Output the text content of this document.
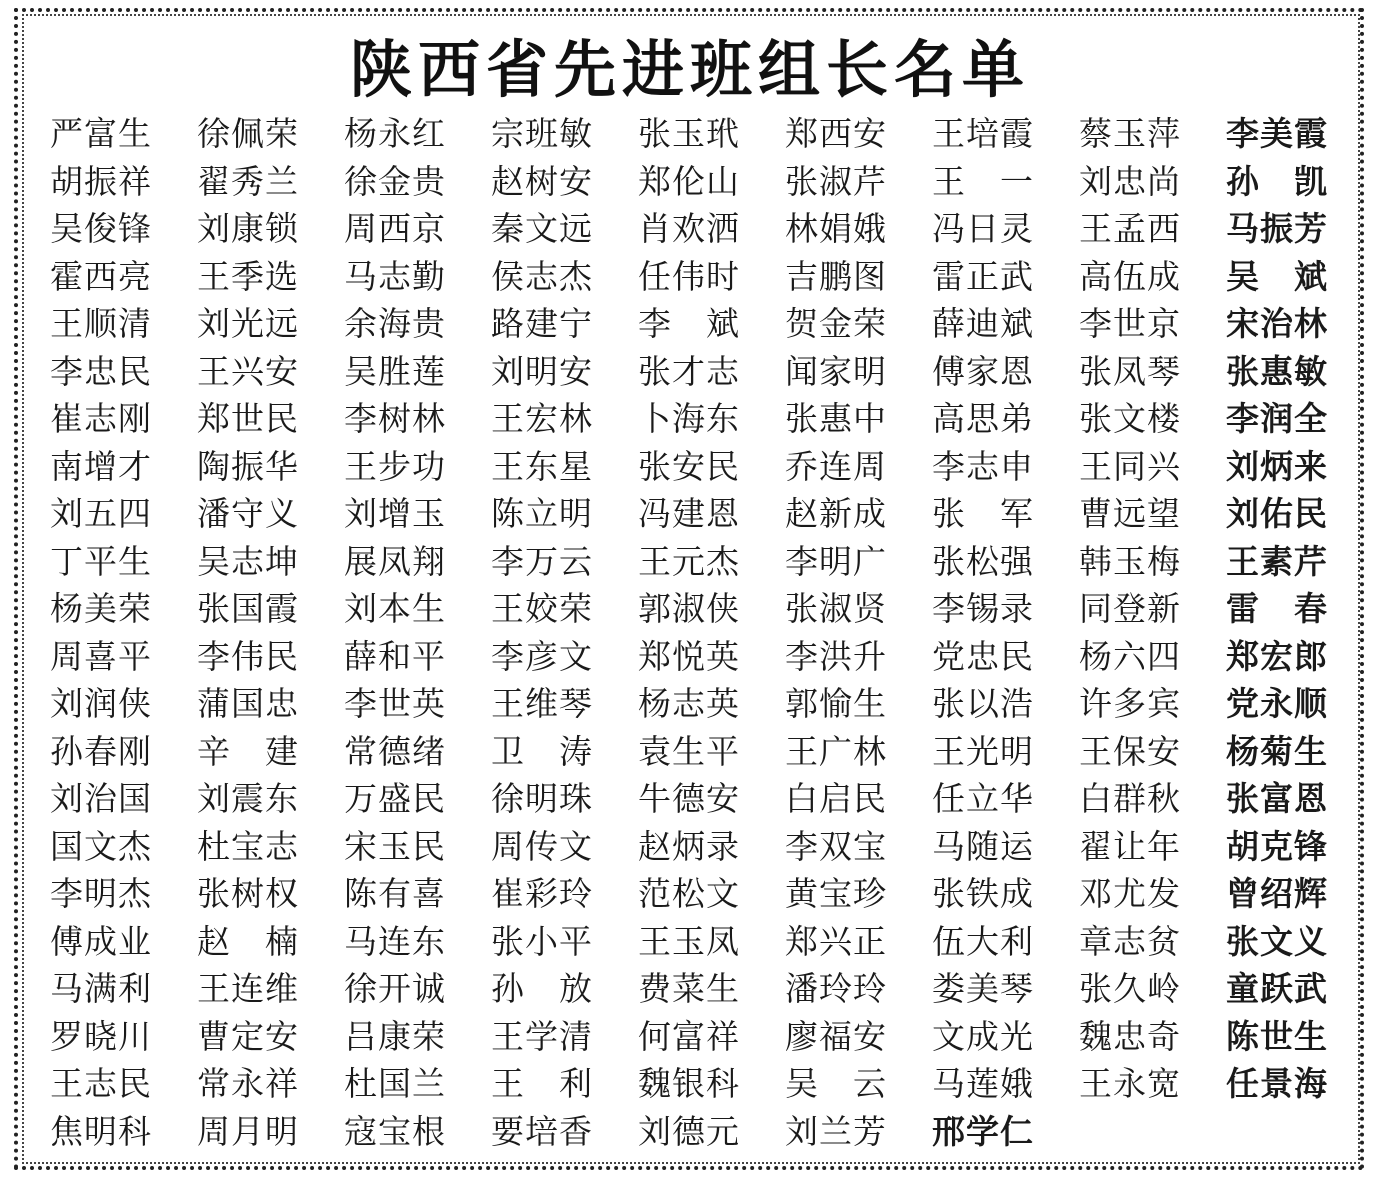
陕西省先进班组长名单
严富生	徐佩荣	杨永红	宗班敏	张玉玳	郑西安	王培霞	蔡玉萍	李美霞
胡振祥	翟秀兰	徐金贵	赵树安	郑伦山	张淑芹	王　一	刘忠尚	孙　凯
吴俊锋	刘康锁	周西京	秦文远	肖欢洒	林娟娥	冯日灵	王孟西	马振芳
霍西亮	王季选	马志勤	侯志杰	任伟时	吉鹏图	雷正武	高伍成	吴　斌
王顺清	刘光远	余海贵	路建宁	李　斌	贺金荣	薛迪斌	李世京	宋治林
李忠民	王兴安	吴胜莲	刘明安	张才志	闻家明	傅家恩	张凤琴	张惠敏
崔志刚	郑世民	李树林	王宏林	卜海东	张惠中	高思弟	张文楼	李润全
南增才	陶振华	王步功	王东星	张安民	乔连周	李志申	王同兴	刘炳来
刘五四	潘守义	刘增玉	陈立明	冯建恩	赵新成	张　军	曹远望	刘佑民
丁平生	吴志坤	展凤翔	李万云	王元杰	李明广	张松强	韩玉梅	王素芹
杨美荣	张国霞	刘本生	王姣荣	郭淑侠	张淑贤	李锡录	同登新	雷　春
周喜平	李伟民	薛和平	李彦文	郑悦英	李洪升	党忠民	杨六四	郑宏郎
刘润侠	蒲国忠	李世英	王维琴	杨志英	郭愉生	张以浩	许多宾	党永顺
孙春刚	辛　建	常德绪	卫　涛	袁生平	王广林	王光明	王保安	杨菊生
刘治国	刘震东	万盛民	徐明珠	牛德安	白启民	任立华	白群秋	张富恩
国文杰	杜宝志	宋玉民	周传文	赵炳录	李双宝	马随运	翟让年	胡克锋
李明杰	张树权	陈有喜	崔彩玲	范松文	黄宝珍	张铁成	邓尤发	曾绍辉
傅成业	赵　楠	马连东	张小平	王玉凤	郑兴正	伍大利	章志贫	张文义
马满利	王连维	徐开诚	孙　放	费菜生	潘玲玲	娄美琴	张久岭	童跃武
罗晓川	曹定安	吕康荣	王学清	何富祥	廖福安	文成光	魏忠奇	陈世生
王志民	常永祥	杜国兰	王　利	魏银科	吴　云	马莲娥	王永宽	任景海
焦明科	周月明	寇宝根	要培香	刘德元	刘兰芳	邢学仁
